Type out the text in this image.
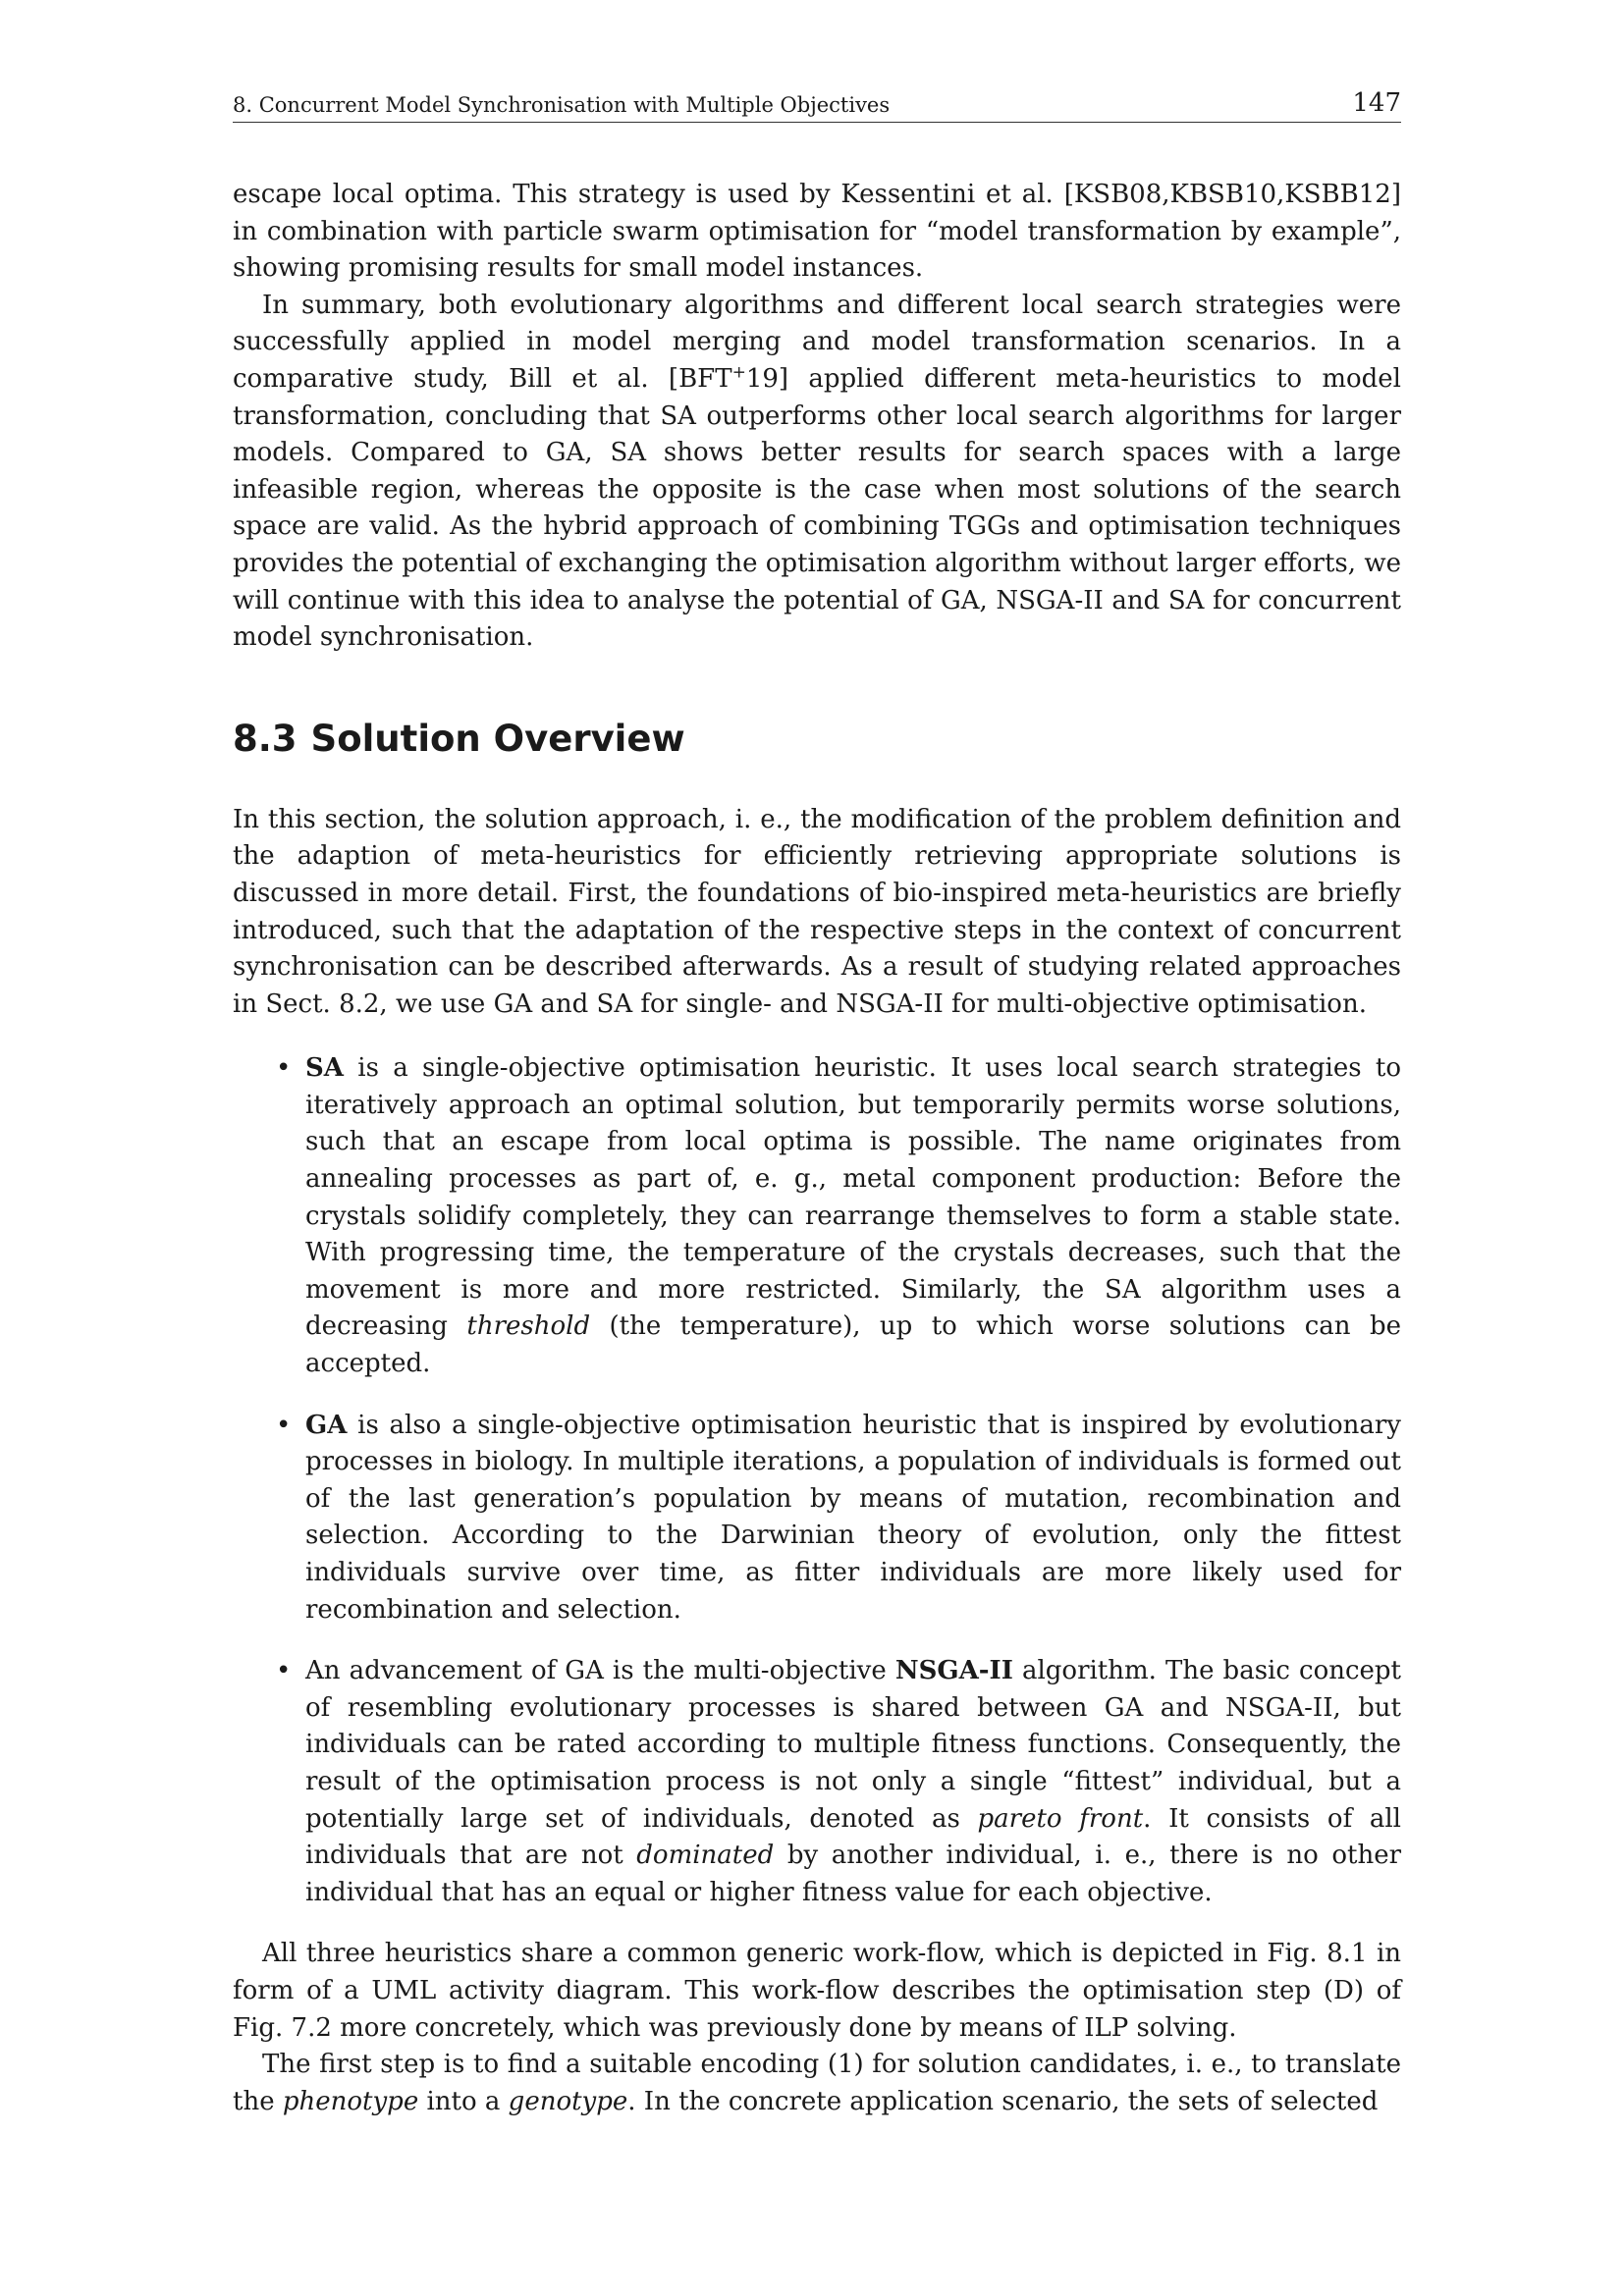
8. Concurrent Model Synchronisation with Multiple Objectives	147

escape local optima. This strategy is used by Kessentini et al. [KSB08,KBSB10,KSBB12] in combination with particle swarm optimisation for “model transformation by example”, showing promising results for small model instances.

In summary, both evolutionary algorithms and different local search strategies were successfully applied in model merging and model transformation scenarios. In a comparative study, Bill et al. [BFT+19] applied different meta-heuristics to model transformation, concluding that SA outperforms other local search algorithms for larger models. Compared to GA, SA shows better results for search spaces with a large infeasible region, whereas the opposite is the case when most solutions of the search space are valid. As the hybrid approach of combining TGGs and optimisation techniques provides the potential of exchanging the optimisation algorithm without larger efforts, we will continue with this idea to analyse the potential of GA, NSGA-II and SA for concurrent model synchronisation.

8.3 Solution Overview

In this section, the solution approach, i. e., the modification of the problem definition and the adaption of meta-heuristics for efficiently retrieving appropriate solutions is discussed in more detail. First, the foundations of bio-inspired meta-heuristics are briefly introduced, such that the adaptation of the respective steps in the context of concurrent synchronisation can be described afterwards. As a result of studying related approaches in Sect. 8.2, we use GA and SA for single- and NSGA-II for multi-objective optimisation.

• SA is a single-objective optimisation heuristic. It uses local search strategies to iteratively approach an optimal solution, but temporarily permits worse solutions, such that an escape from local optima is possible. The name originates from annealing processes as part of, e. g., metal component production: Before the crystals solidify completely, they can rearrange themselves to form a stable state. With progressing time, the temperature of the crystals decreases, such that the movement is more and more restricted. Similarly, the SA algorithm uses a decreasing threshold (the temperature), up to which worse solutions can be accepted.
• GA is also a single-objective optimisation heuristic that is inspired by evolutionary processes in biology. In multiple iterations, a population of individuals is formed out of the last generation’s population by means of mutation, recombination and selection. According to the Darwinian theory of evolution, only the fittest individuals survive over time, as fitter individuals are more likely used for recombination and selection.
• An advancement of GA is the multi-objective NSGA-II algorithm. The basic concept of resembling evolutionary processes is shared between GA and NSGA-II, but individuals can be rated according to multiple fitness functions. Consequently, the result of the optimisation process is not only a single “fittest” individual, but a potentially large set of individuals, denoted as pareto front. It consists of all individuals that are not dominated by another individual, i. e., there is no other individual that has an equal or higher fitness value for each objective.

All three heuristics share a common generic work-flow, which is depicted in Fig. 8.1 in form of a UML activity diagram. This work-flow describes the optimisation step (D) of Fig. 7.2 more concretely, which was previously done by means of ILP solving.

The first step is to find a suitable encoding (1) for solution candidates, i. e., to translate the phenotype into a genotype. In the concrete application scenario, the sets of selected
